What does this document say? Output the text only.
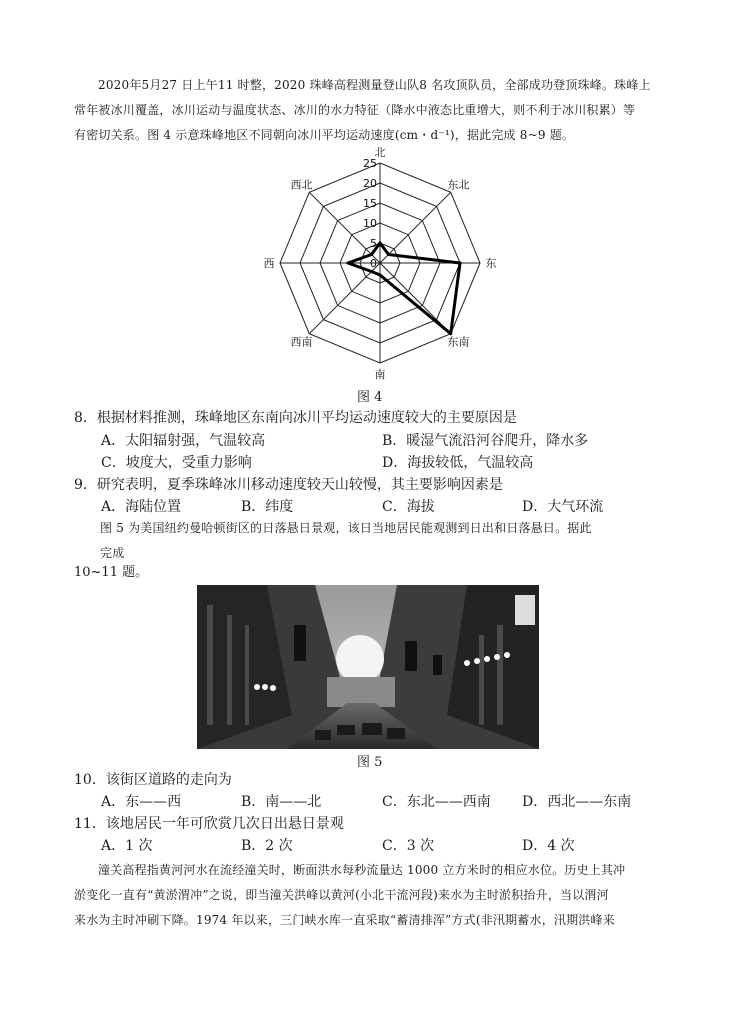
2020年5月27 日上午11 时整，2020 珠峰高程测量登山队8 名攻顶队员，全部成功登顶珠峰。珠峰上
常年被冰川覆盖，冰川运动与温度状态、冰川的水力特征（降水中液态比重增大，则不利于冰川积累）等
有密切关系。图 4 示意珠峰地区不同朝向冰川平均运动速度(cm・d⁻¹)，据此完成 8~9 题。
0
5
10
15
20
25
北
东北
东
东南
南
西南
西
西北
图 4
8．根据材料推测，珠峰地区东南向冰川平均运动速度较大的主要原因是
A．太阳辐射强，气温较高	B．暖湿气流沿河谷爬升，降水多
C．坡度大，受重力影响	D．海拔较低，气温较高
9．研究表明，夏季珠峰冰川移动速度较天山较慢，其主要影响因素是
A．海陆位置	B．纬度	C．海拔	D．大气环流
图 5 为美国纽约曼哈顿街区的日落悬日景观，该日当地居民能观测到日出和日落悬日。据此
完成
10~11 题。
图 5
10．该街区道路的走向为
A．东——西	B．南——北	C．东北——西南 D．西北——东南
11．该地居民一年可欣赏几次日出悬日景观
A．1 次	B．2 次	C．3 次	D．4 次
潼关高程指黄河河水在流经潼关时，断面洪水每秒流量达 1000 立方米时的相应水位。历史上其冲
淤变化一直有“黄淤渭冲”之说，即当潼关洪峰以黄河(小北干流河段)来水为主时淤积抬升，当以渭河
来水为主时冲刷下降。1974 年以来，三门峡水库一直采取“蓄清排浑”方式(非汛期蓄水，汛期洪峰来
